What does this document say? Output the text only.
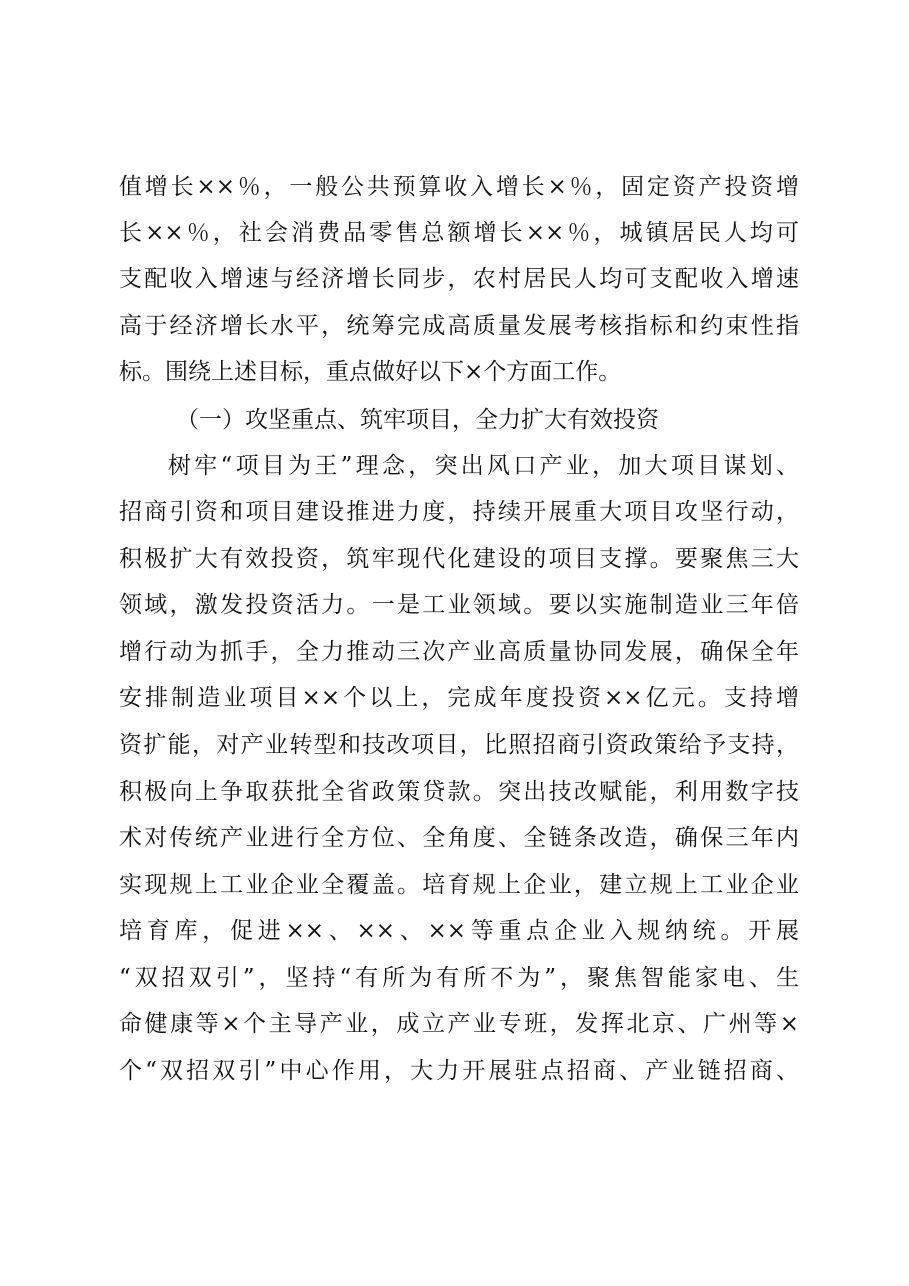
值增长××％，一般公共预算收入增长×％，固定资产投资增
长××％，社会消费品零售总额增长××％，城镇居民人均可
支配收入增速与经济增长同步，农村居民人均可支配收入增速
高于经济增长水平，统筹完成高质量发展考核指标和约束性指
标。围绕上述目标，重点做好以下×个方面工作。
（一）攻坚重点、筑牢项目，全力扩大有效投资
树牢“项目为王”理念，突出风口产业，加大项目谋划、
招商引资和项目建设推进力度，持续开展重大项目攻坚行动，
积极扩大有效投资，筑牢现代化建设的项目支撑。要聚焦三大
领域，激发投资活力。一是工业领域。要以实施制造业三年倍
增行动为抓手，全力推动三次产业高质量协同发展，确保全年
安排制造业项目××个以上，完成年度投资××亿元。支持增
资扩能，对产业转型和技改项目，比照招商引资政策给予支持，
积极向上争取获批全省政策贷款。突出技改赋能，利用数字技
术对传统产业进行全方位、全角度、全链条改造，确保三年内
实现规上工业企业全覆盖。培育规上企业，建立规上工业企业
培育库，促进××、××、××等重点企业入规纳统。开展
“双招双引”，坚持“有所为有所不为”，聚焦智能家电、生
命健康等×个主导产业，成立产业专班，发挥北京、广州等×
个“双招双引”中心作用，大力开展驻点招商、产业链招商、
